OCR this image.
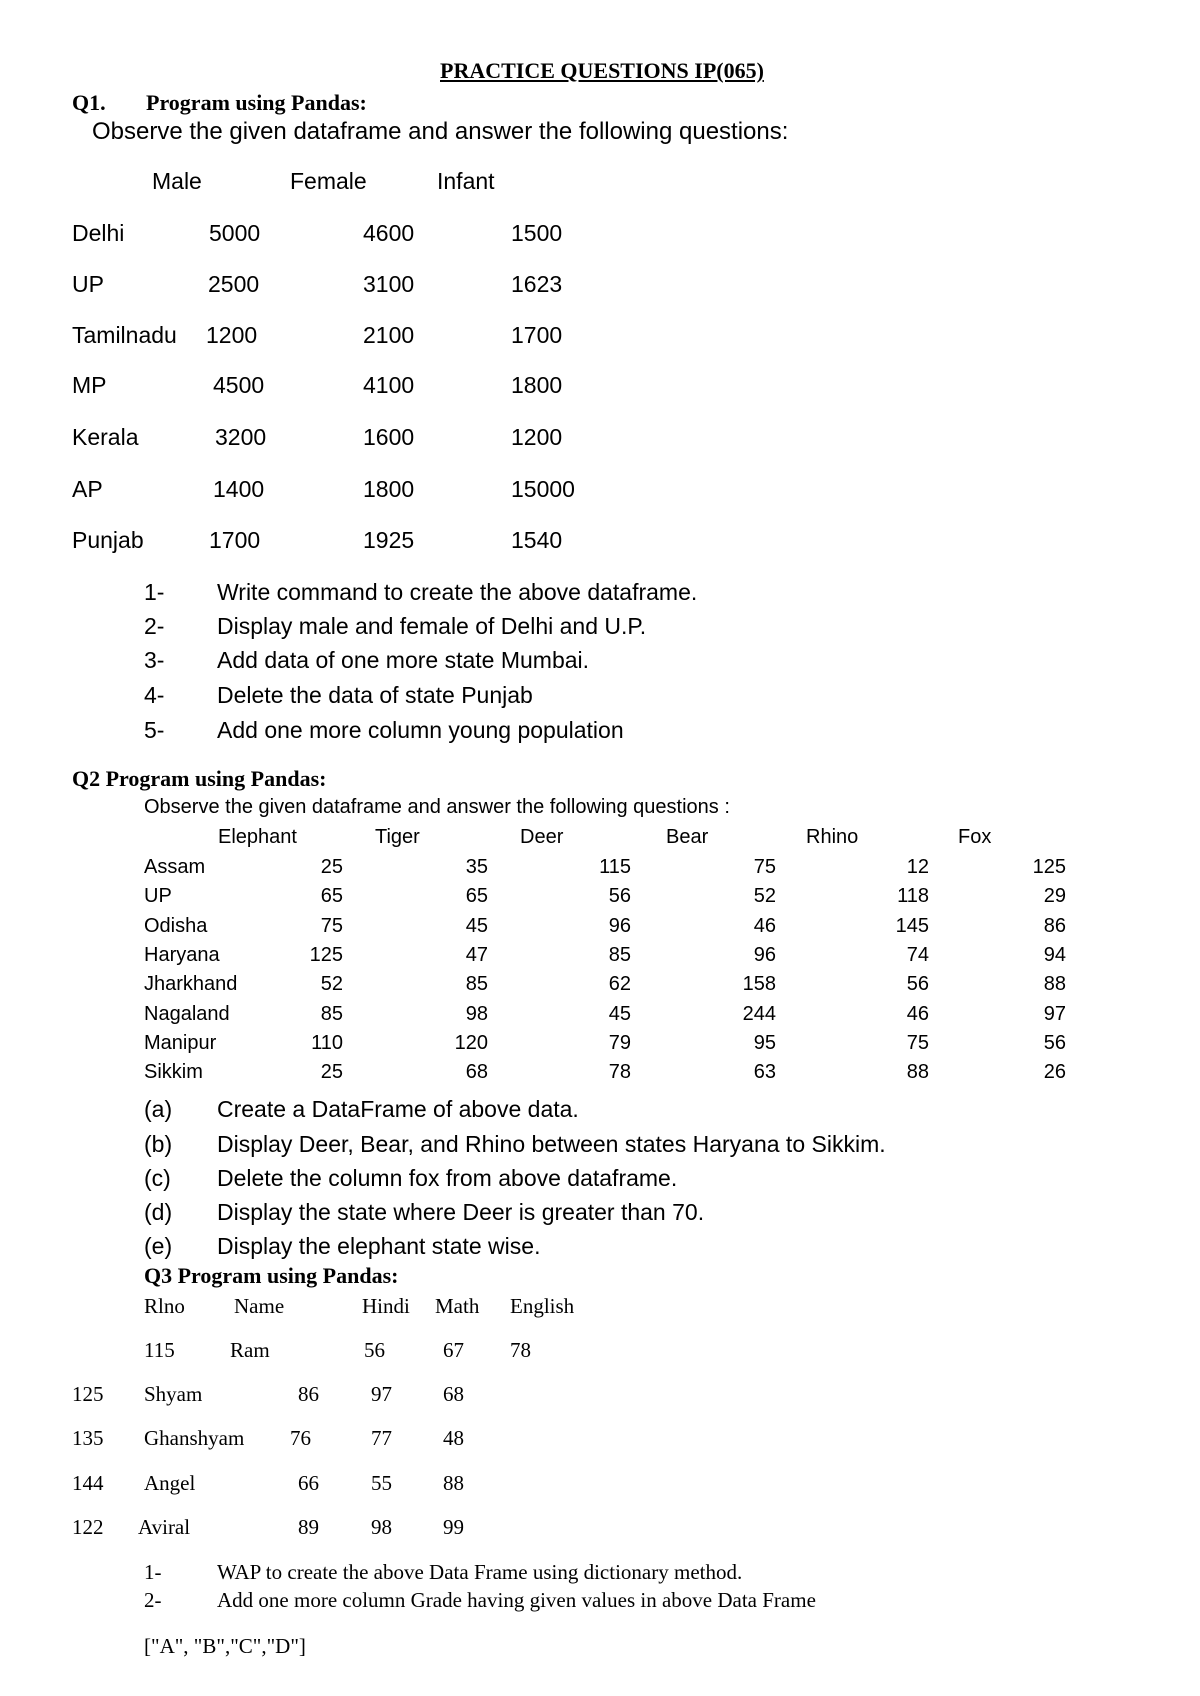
PRACTICE QUESTIONS IP(065)
Q1. Program using Pandas:
Observe the given dataframe and answer the following questions:
Male	Female	Infant
Delhi	5000	4600	1500
UP	2500	3100	1623
Tamilnadu 1200	2100	1700
MP	4500	4100	1800
Kerala	3200	1600	1200
AP	1400	1800	15000
Punjab	1700	1925	1540
1- Write command to create the above dataframe.
2- Display male and female of Delhi and U.P.
3- Add data of one more state Mumbai.
4- Delete the data of state Punjab
5- Add one more column young population
Q2 Program using Pandas:
Observe the given dataframe and answer the following questions :
Elephant	Tiger	Deer	Bear	Rhino	Fox
Assam	25	35	115	75	12	125
UP	65	65	56	52	118	29
Odisha	75	45	96	46	145	86
Haryana	125	47	85	96	74	94
Jharkhand	52	85	62	158	56	88
Nagaland	85	98	45	244	46	97
Manipur	110	120	79	95	75	56
Sikkim	25	68	78	63	88	26
(a) Create a DataFrame of above data.
(b) Display Deer, Bear, and Rhino between states Haryana to Sikkim.
(c) Delete the column fox from above dataframe.
(d) Display the state where Deer is greater than 70.
(e) Display the elephant state wise.
Q3 Program using Pandas:
Rlno Name	Hindi Math English
115	Ram	56	67 78
125 Shyam	86 97 68
135 Ghanshyam 76	77 48
144 Angel	66 55 88
122 Aviral	89 98 99
1-	WAP to create the above Data Frame using dictionary method.
2-	Add one more column Grade having given values in above Data Frame
["A", "B","C","D"]
